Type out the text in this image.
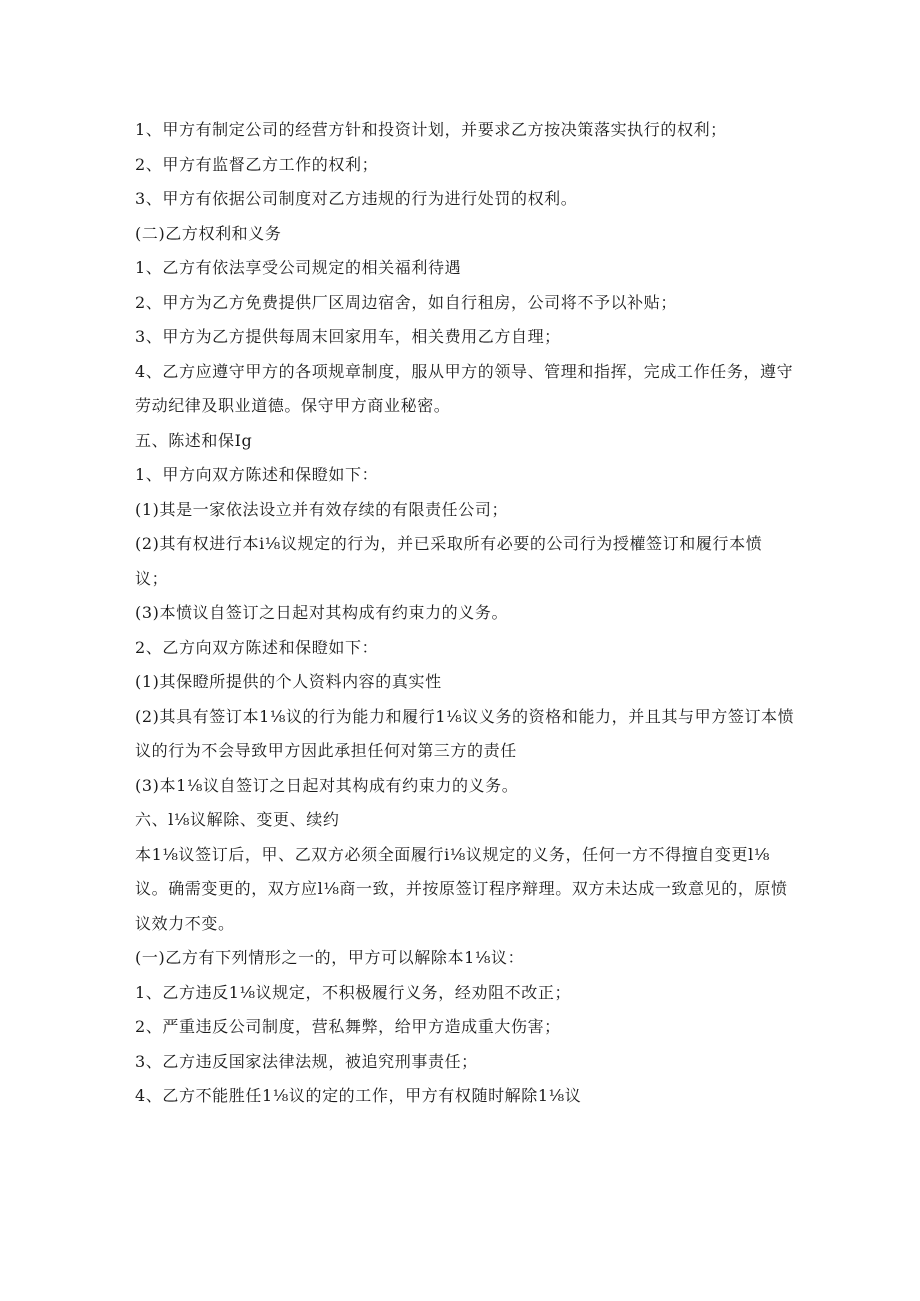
1、甲方有制定公司的经营方针和投资计划，并要求乙方按决策落实执行的权利；

2、甲方有监督乙方工作的权利；

3、甲方有依据公司制度对乙方违规的行为进行处罚的权利。

(二)乙方权利和义务

1、乙方有依法享受公司规定的相关福利待遇

2、甲方为乙方免费提供厂区周边宿舍，如自行租房，公司将不予以补贴；

3、甲方为乙方提供每周末回家用车，相关费用乙方自理；

4、乙方应遵守甲方的各项规章制度，服从甲方的领导、管理和指挥，完成工作任务，遵守劳动纪律及职业道德。保守甲方商业秘密。

五、陈述和保Ig

1、甲方向双方陈述和保瞪如下：

(1)其是一家依法设立并有效存续的有限责任公司；

(2)其有权进行本i⅛议规定的行为，并已采取所有必要的公司行为授權签订和履行本愤议；

(3)本愤议自签订之日起对其构成有约束力的义务。

2、乙方向双方陈述和保瞪如下：

(1)其保瞪所提供的个人资料内容的真实性

(2)其具有签订本1⅛议的行为能力和履行1⅛议义务的资格和能力，并且其与甲方签订本愤议的行为不会导致甲方因此承担任何对第三方的责任

(3)本1⅛议自签订之日起对其构成有约束力的义务。

六、l⅛议解除、变更、续约

本1⅛议签订后，甲、乙双方必须全面履行i⅛议规定的义务，任何一方不得擅自变更l⅛议。确需变更的，双方应l⅛商一致，并按原签订程序辩理。双方未达成一致意见的，原愤议效力不变。

(一)乙方有下列情形之一的，甲方可以解除本1⅛议：

1、乙方违反1⅛议规定，不积极履行义务，经劝阻不改正；

2、严重违反公司制度，营私舞弊，给甲方造成重大伤害；

3、乙方违反国家法律法规，被追究刑事责任；

4、乙方不能胜任1⅛议的定的工作，甲方有权随时解除1⅛议
